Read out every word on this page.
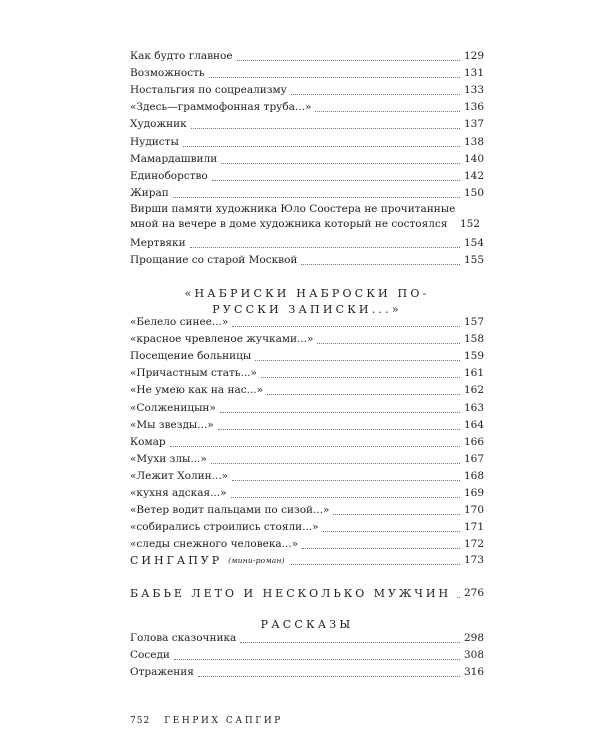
Как будто главное	129
Возможность	131
Ностальгия по соцреализму	133
«Здесь—граммофонная труба...»	136
Художник	137
Нудисты	138
Мамардашвили	140
Единоборство	142
Жирап	150
Вирши памяти художника Юло Соостера не прочитанные мной на вечере в доме художника который не состоялся	152
Мертвяки	154
Прощание со старой Москвой	155
«НАБРИСКИ НАБРОСКИ ПО-РУССКИ ЗАПИСКИ...»
«Белело синее...»	157
«красное чревленое жучками...»	158
Посещение больницы	159
«Причастным стать...»	161
«Не умею как на нас...»	162
«Солженицын»	163
«Мы звезды...»	164
Комар	166
«Мухи злы...»	167
«Лежит Холин...»	168
«кухня адская...»	169
«Ветер водит пальцами по сизой...»	170
«собирались строились стояли...»	171
«следы снежного человека...»	172
СИНГАПУР (мини-роман)	173
БАБЬЕ ЛЕТО И НЕСКОЛЬКО МУЖЧИН 276
РАССКАЗЫ
Голова сказочника	298
Соседи	308
Отражения	316
752 ГЕНРИХ САПГИР
